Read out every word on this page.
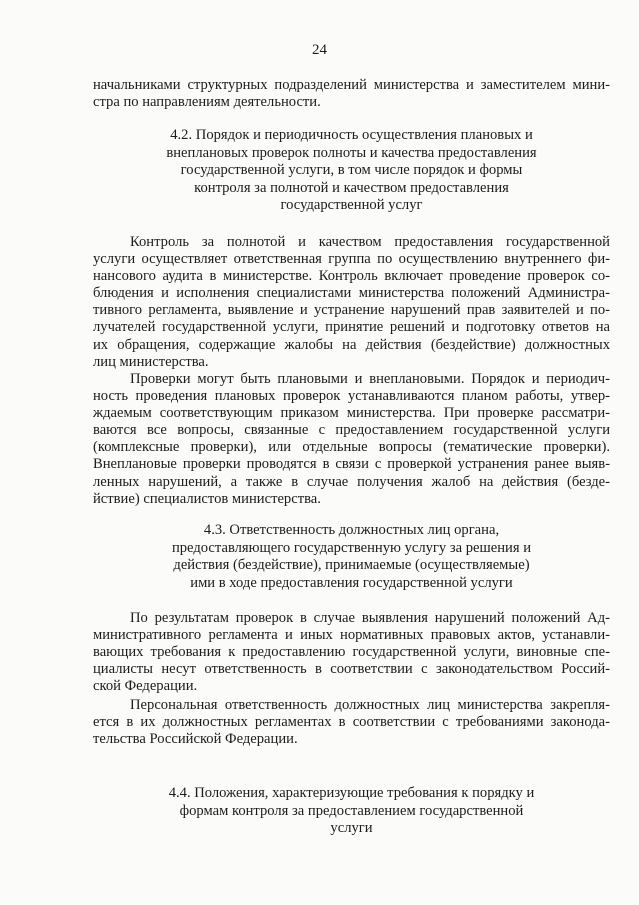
24
начальниками структурных подразделений министерства и заместителем мини-
стра по направлениям деятельности.
4.2. Порядок и периодичность осуществления плановых и
внеплановых проверок полноты и качества предоставления
государственной услуги, в том числе порядок и формы
контроля за полнотой и качеством предоставления
государственной услуг
Контроль за полнотой и качеством предоставления государственной
услуги осуществляет ответственная группа по осуществлению внутреннего фи-
нансового аудита в министерстве. Контроль включает проведение проверок со-
блюдения и исполнения специалистами министерства положений Администра-
тивного регламента, выявление и устранение нарушений прав заявителей и по-
лучателей государственной услуги, принятие решений и подготовку ответов на
их обращения, содержащие жалобы на действия (бездействие) должностных
лиц министерства.
Проверки могут быть плановыми и внеплановыми. Порядок и периодич-
ность проведения плановых проверок устанавливаются планом работы, утвер-
ждаемым соответствующим приказом министерства. При проверке рассматри-
ваются все вопросы, связанные с предоставлением государственной услуги
(комплексные проверки), или отдельные вопросы (тематические проверки).
Внеплановые проверки проводятся в связи с проверкой устранения ранее выяв-
ленных нарушений, а также в случае получения жалоб на действия (безде-
йствие) специалистов министерства.
4.3. Ответственность должностных лиц органа,
предоставляющего государственную услугу за решения и
действия (бездействие), принимаемые (осуществляемые)
ими в ходе предоставления государственной услуги
По результатам проверок в случае выявления нарушений положений Ад-
министративного регламента и иных нормативных правовых актов, устанавли-
вающих требования к предоставлению государственной услуги, виновные спе-
циалисты несут ответственность в соответствии с законодательством Россий-
ской Федерации.
Персональная ответственность должностных лиц министерства закрепля-
ется в их должностных регламентах в соответствии с требованиями законода-
тельства Российской Федерации.
4.4. Положения, характеризующие требования к порядку и
формам контроля за предоставлением государственной
услуги
